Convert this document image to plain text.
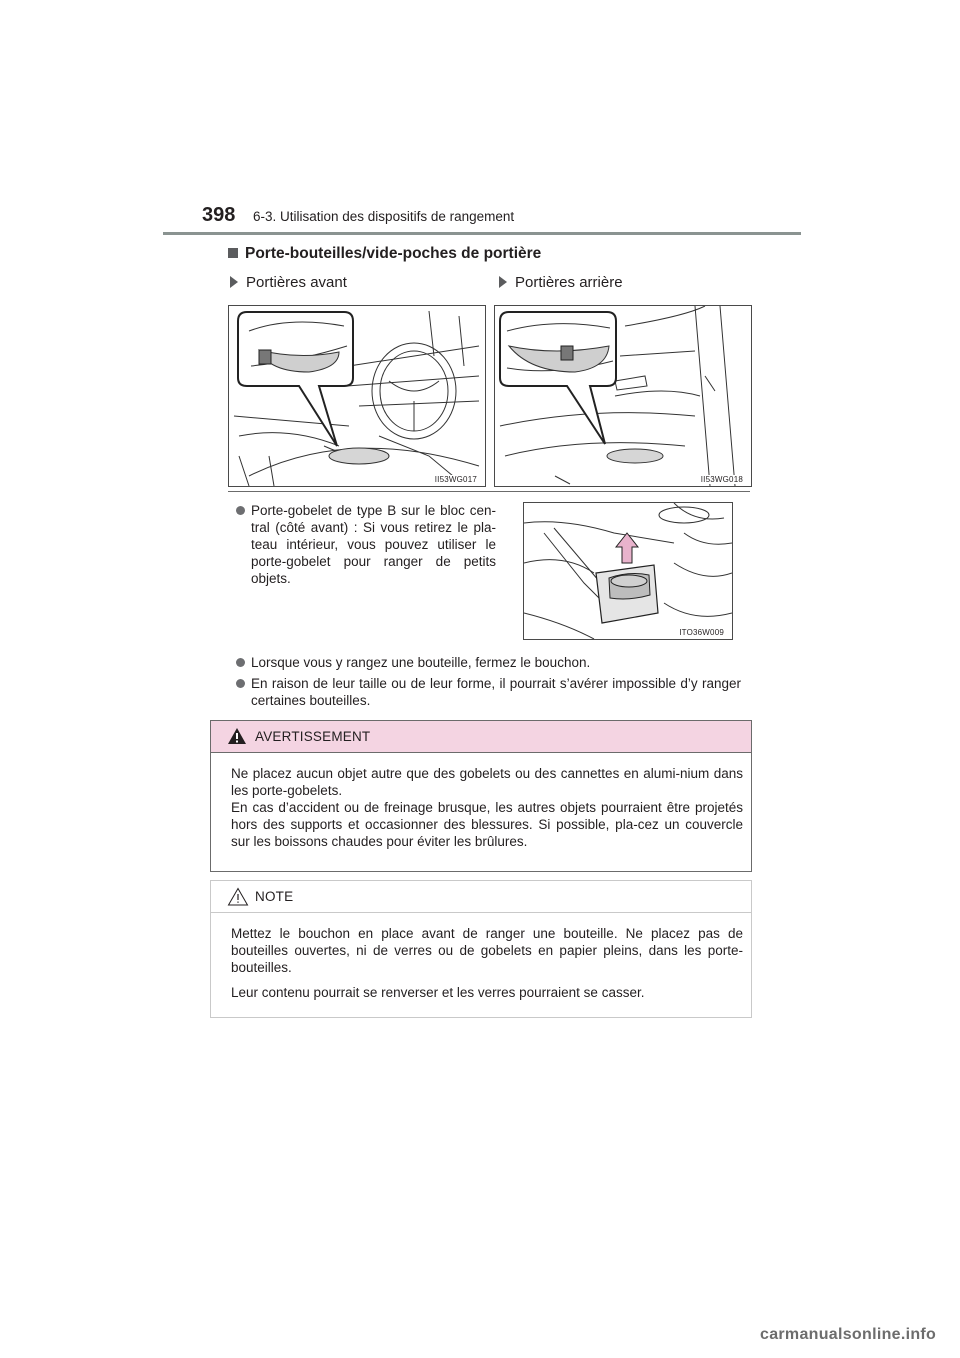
398 6-3. Utilisation des dispositifs de rangement
Porte-bouteilles/vide-poches de portière
Portières avant	Portières arrière
II53WG017	II53WG018
Porte-gobelet de type B sur le bloc cen-tral (côté avant) : Si vous retirez le pla-teau intérieur, vous pouvez utiliser le porte-gobelet pour ranger de petits objets.
ITO36W009
Lorsque vous y rangez une bouteille, fermez le bouchon.
En raison de leur taille ou de leur forme, il pourrait s’avérer impossible d’y ranger certaines bouteilles.
AVERTISSEMENT
Ne placez aucun objet autre que des gobelets ou des cannettes en alumi-nium dans les porte-gobelets.
En cas d’accident ou de freinage brusque, les autres objets pourraient être projetés hors des supports et occasionner des blessures. Si possible, pla-cez un couvercle sur les boissons chaudes pour éviter les brûlures.
NOTE

Mettez le bouchon en place avant de ranger une bouteille. Ne placez pas de bouteilles ouvertes, ni de verres ou de gobelets en papier pleins, dans les porte-bouteilles.

Leur contenu pourrait se renverser et les verres pourraient se casser.

carmanualsonline.info
